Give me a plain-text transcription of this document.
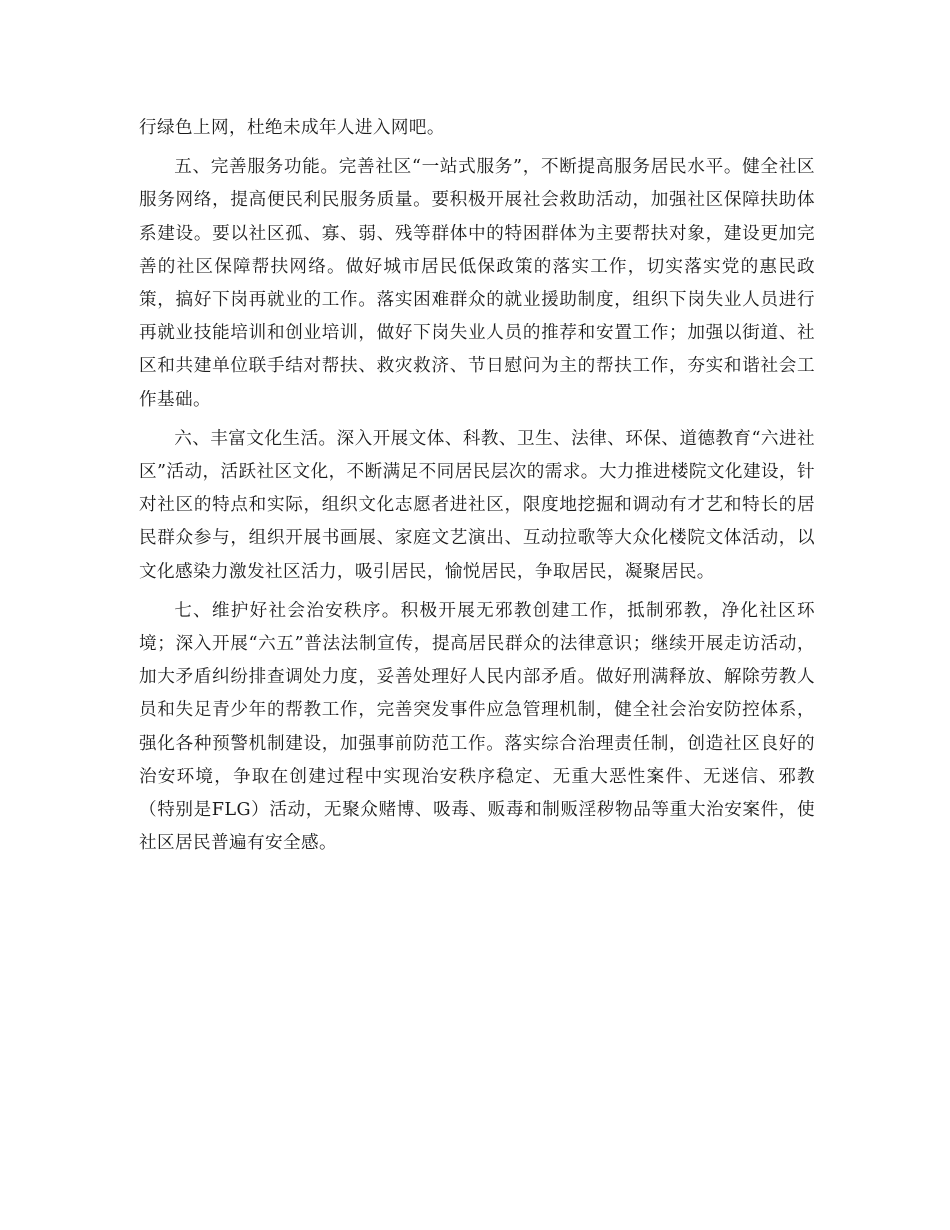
行绿色上网，杜绝未成年人进入网吧。

五、完善服务功能。完善社区“一站式服务”，不断提高服务居民水平。健全社区服务网络，提高便民利民服务质量。要积极开展社会救助活动，加强社区保障扶助体系建设。要以社区孤、寡、弱、残等群体中的特困群体为主要帮扶对象，建设更加完善的社区保障帮扶网络。做好城市居民低保政策的落实工作，切实落实党的惠民政策，搞好下岗再就业的工作。落实困难群众的就业援助制度，组织下岗失业人员进行再就业技能培训和创业培训，做好下岗失业人员的推荐和安置工作；加强以街道、社区和共建单位联手结对帮扶、救灾救济、节日慰问为主的帮扶工作，夯实和谐社会工作基础。

六、丰富文化生活。深入开展文体、科教、卫生、法律、环保、道德教育“六进社区”活动，活跃社区文化，不断满足不同居民层次的需求。大力推进楼院文化建设，针对社区的特点和实际，组织文化志愿者进社区，限度地挖掘和调动有才艺和特长的居民群众参与，组织开展书画展、家庭文艺演出、互动拉歌等大众化楼院文体活动，以文化感染力激发社区活力，吸引居民，愉悦居民，争取居民，凝聚居民。

七、维护好社会治安秩序。积极开展无邪教创建工作，抵制邪教，净化社区环境；深入开展“六五”普法法制宣传，提高居民群众的法律意识；继续开展走访活动，加大矛盾纠纷排查调处力度，妥善处理好人民内部矛盾。做好刑满释放、解除劳教人员和失足青少年的帮教工作，完善突发事件应急管理机制，健全社会治安防控体系，强化各种预警机制建设，加强事前防范工作。落实综合治理责任制，创造社区良好的治安环境，争取在创建过程中实现治安秩序稳定、无重大恶性案件、无迷信、邪教（特别是FLG）活动，无聚众赌博、吸毒、贩毒和制贩淫秽物品等重大治安案件，使社区居民普遍有安全感。
